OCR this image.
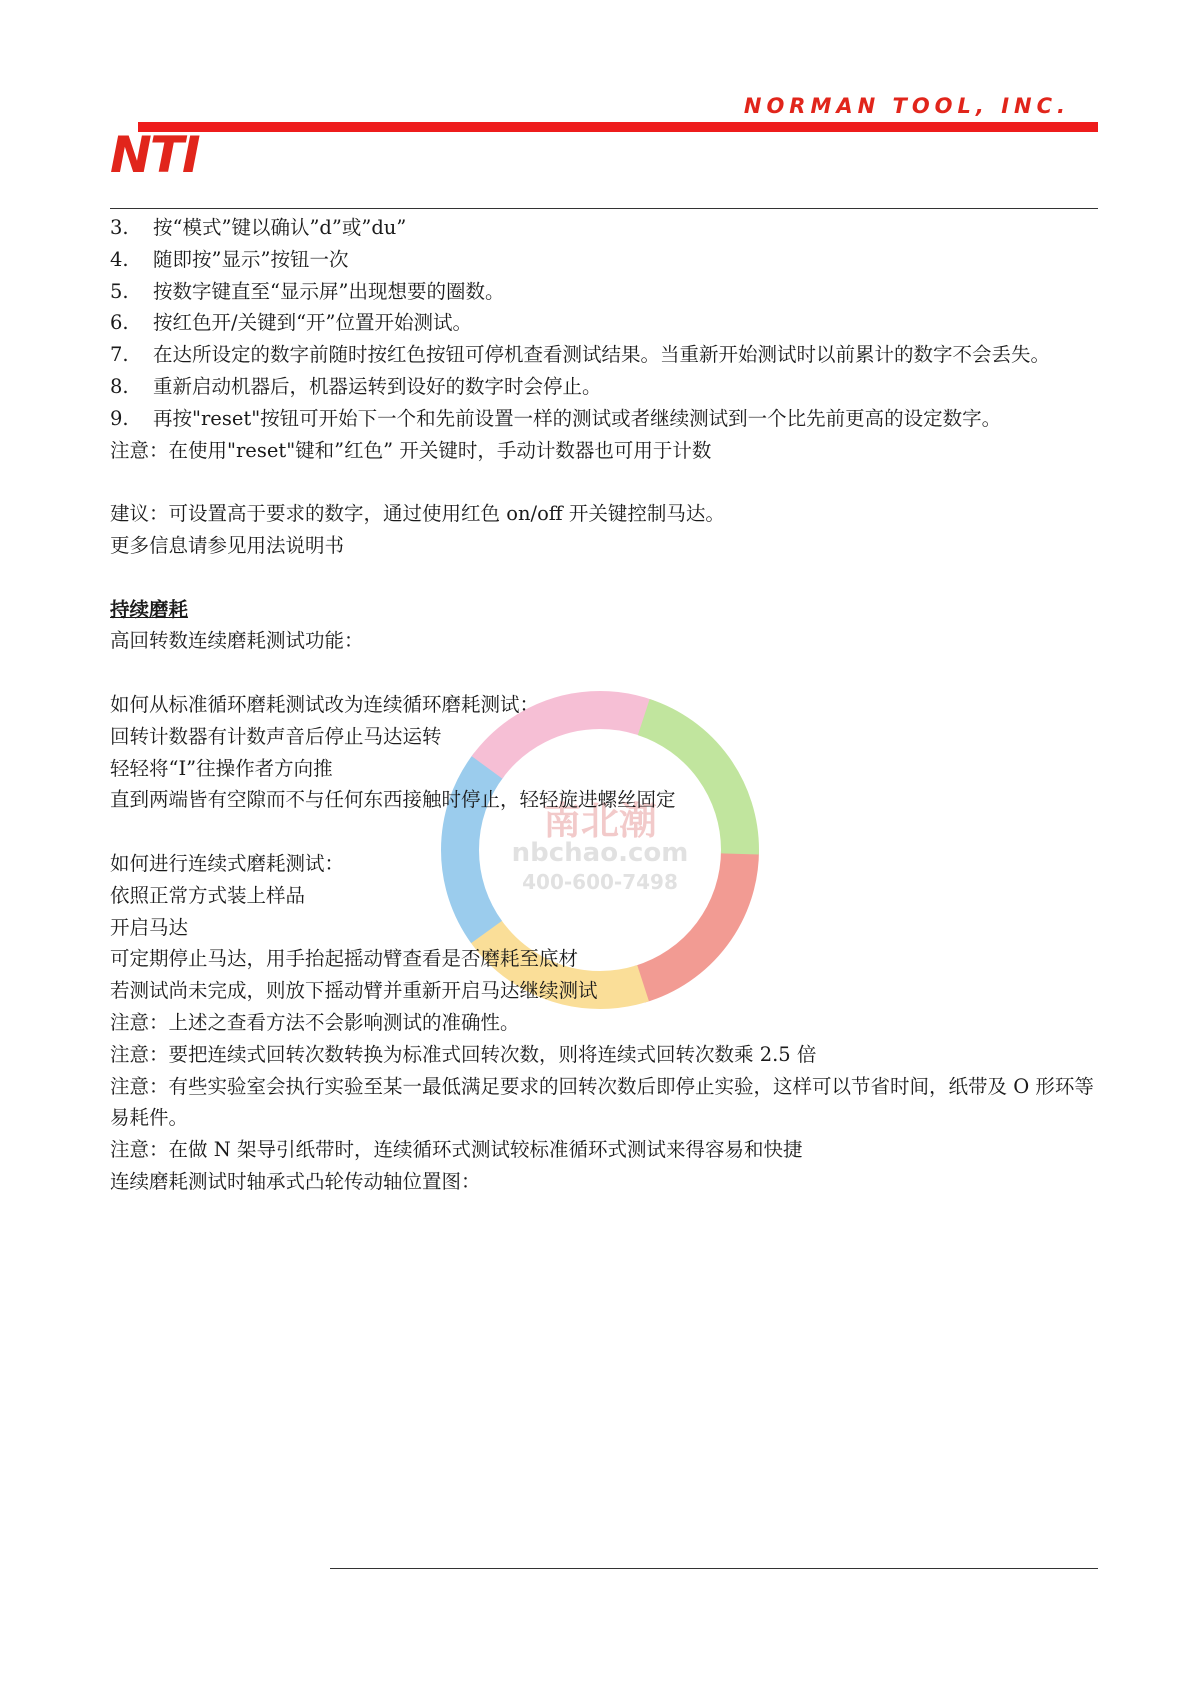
NORMAN TOOL, INC.
NTI
南北潮
nbchao.com
400-600-7498
3. 按“模式”键以确认”d”或”du”
4. 随即按”显示”按钮一次
5. 按数字键直至“显示屏”出现想要的圈数。
6. 按红色开/关键到“开”位置开始测试。
7. 在达所设定的数字前随时按红色按钮可停机查看测试结果。当重新开始测试时以前累计的数字不会丢失。
8. 重新启动机器后，机器运转到设好的数字时会停止。
9. 再按"reset"按钮可开始下一个和先前设置一样的测试或者继续测试到一个比先前更高的设定数字。
注意：在使用"reset"键和”红色” 开关键时，手动计数器也可用于计数
建议：可设置高于要求的数字，通过使用红色 on/off 开关键控制马达。
更多信息请参见用法说明书
持续磨耗
高回转数连续磨耗测试功能：
如何从标准循环磨耗测试改为连续循环磨耗测试：
回转计数器有计数声音后停止马达运转
轻轻将“I”往操作者方向推
直到两端皆有空隙而不与任何东西接触时停止，轻轻旋进螺丝固定
如何进行连续式磨耗测试：
依照正常方式装上样品
开启马达
可定期停止马达，用手抬起摇动臂查看是否磨耗至底材
若测试尚未完成，则放下摇动臂并重新开启马达继续测试
注意：上述之查看方法不会影响测试的准确性。
注意：要把连续式回转次数转换为标准式回转次数，则将连续式回转次数乘 2.5 倍
注意：有些实验室会执行实验至某一最低满足要求的回转次数后即停止实验，这样可以节省时间，纸带及 O 形环等易耗件。
注意：在做 N 架导引纸带时，连续循环式测试较标准循环式测试来得容易和快捷
连续磨耗测试时轴承式凸轮传动轴位置图：
